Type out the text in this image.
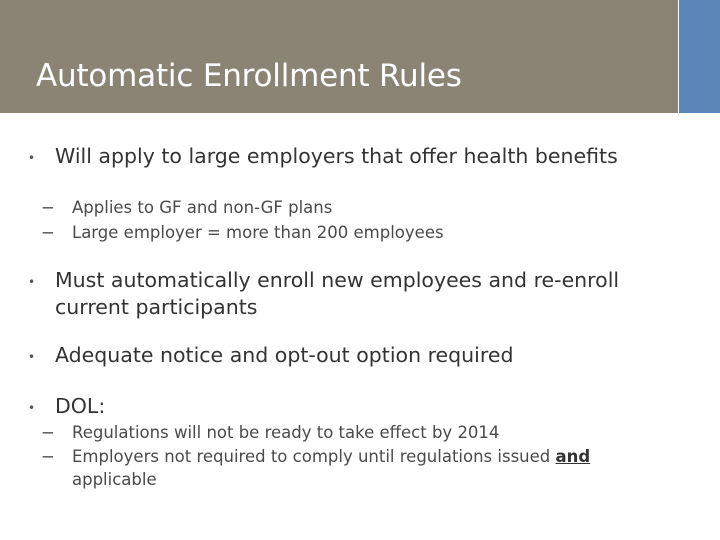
Automatic Enrollment Rules
• Will apply to large employers that offer health benefits
− Applies to GF and non-GF plans
− Large employer = more than 200 employees
• Must automatically enroll new employees and re-enroll current participants
• Adequate notice and opt-out option required
• DOL:
− Regulations will not be ready to take effect by 2014
− Employers not required to comply until regulations issued and applicable
